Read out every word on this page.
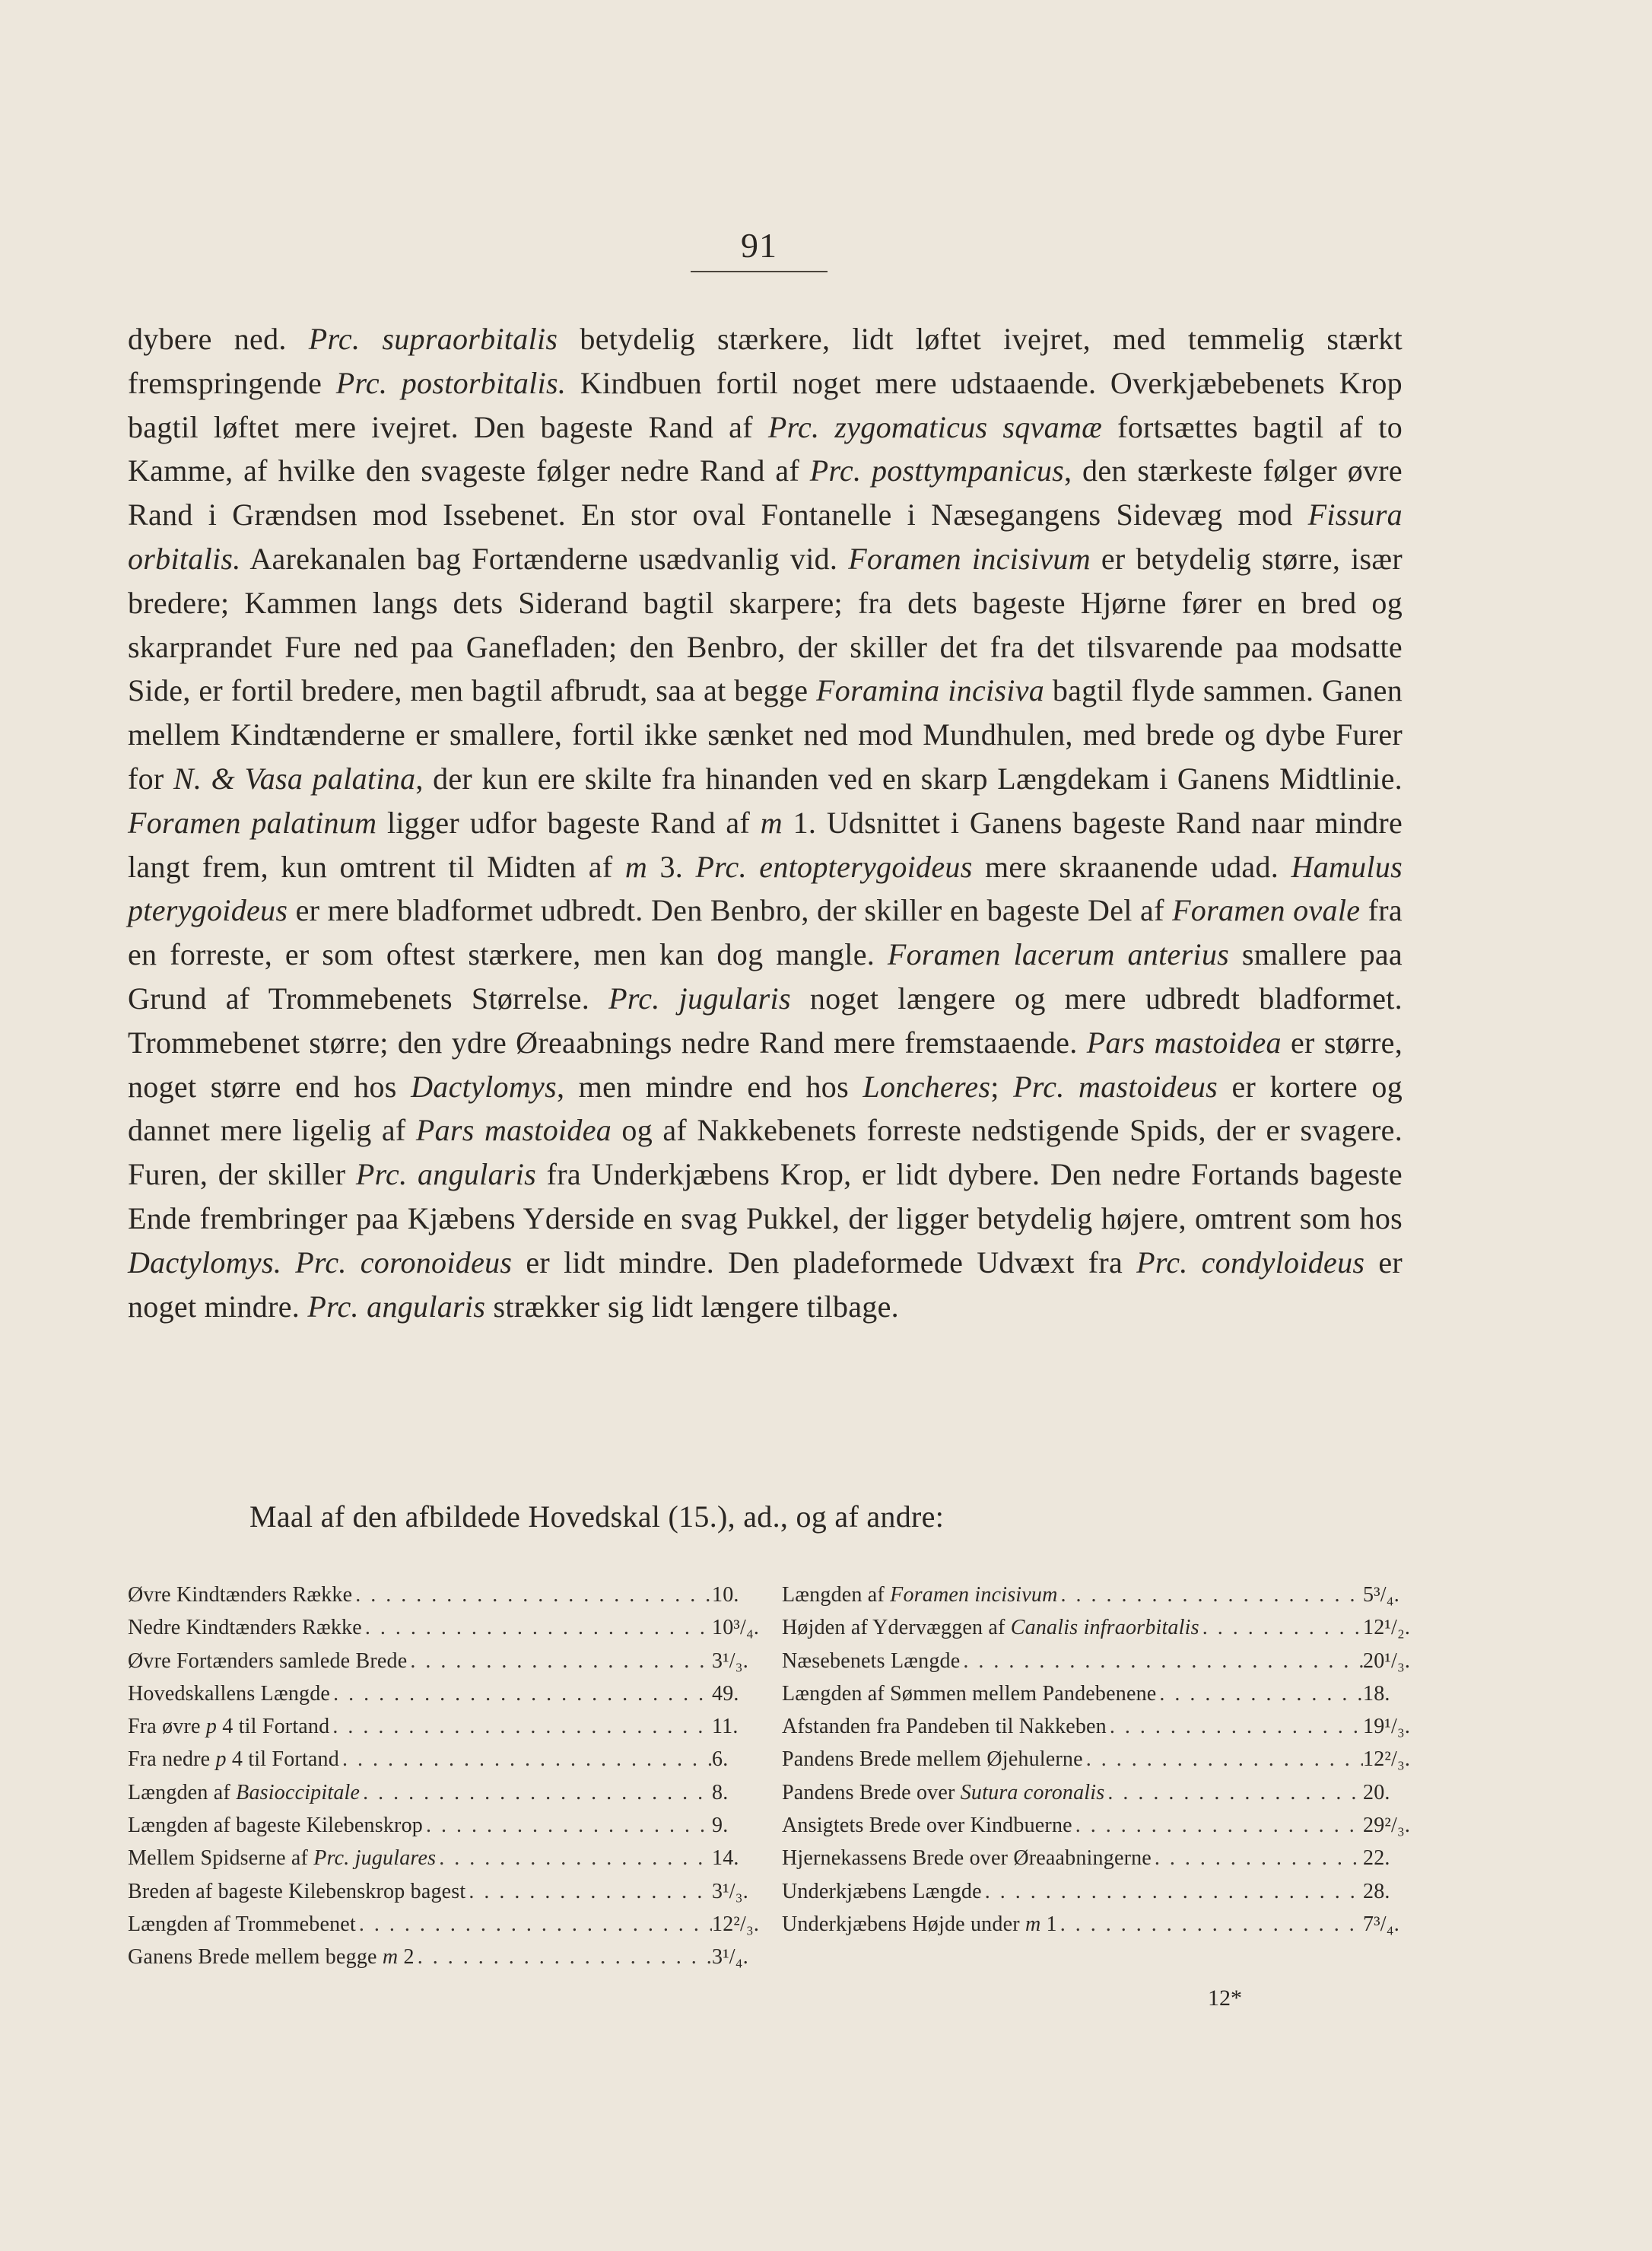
91

dybere ned. Prc. supraorbitalis betydelig stærkere, lidt løftet ivejret, med temmelig stærkt fremspringende Prc. postorbitalis. Kindbuen fortil noget mere udstaaende. Overkjæbebenets Krop bagtil løftet mere ivejret. Den bageste Rand af Prc. zygomaticus sqvamæ fortsættes bagtil af to Kamme, af hvilke den svageste følger nedre Rand af Prc. posttympanicus, den stærkeste følger øvre Rand i Grændsen mod Issebenet. En stor oval Fontanelle i Næsegangens Sidevæg mod Fissura orbitalis. Aarekanalen bag Fortænderne usædvanlig vid. Foramen incisivum er betydelig større, især bredere; Kammen langs dets Siderand bagtil skarpere; fra dets bageste Hjørne fører en bred og skarprandet Fure ned paa Ganefladen; den Benbro, der skiller det fra det tilsvarende paa modsatte Side, er fortil bredere, men bagtil afbrudt, saa at begge Foramina incisiva bagtil flyde sammen. Ganen mellem Kindtænderne er smallere, fortil ikke sænket ned mod Mundhulen, med brede og dybe Furer for N. & Vasa palatina, der kun ere skilte fra hinanden ved en skarp Længdekam i Ganens Midtlinie. Foramen palatinum ligger udfor bageste Rand af m 1. Udsnittet i Ganens bageste Rand naar mindre langt frem, kun omtrent til Midten af m 3. Prc. entopterygoideus mere skraanende udad. Hamulus pterygoideus er mere bladformet udbredt. Den Benbro, der skiller en bageste Del af Foramen ovale fra en forreste, er som oftest stærkere, men kan dog mangle. Foramen lacerum anterius smallere paa Grund af Trommebenets Størrelse. Prc. jugularis noget længere og mere udbredt bladformet. Trommebenet større; den ydre Øreaabnings nedre Rand mere fremstaaende. Pars mastoidea er større, noget større end hos Dactylomys, men mindre end hos Loncheres; Prc. mastoideus er kortere og dannet mere ligelig af Pars mastoidea og af Nakkebenets forreste nedstigende Spids, der er svagere. Furen, der skiller Prc. angularis fra Underkjæbens Krop, er lidt dybere. Den nedre Fortands bageste Ende frembringer paa Kjæbens Yderside en svag Pukkel, der ligger betydelig højere, omtrent som hos Dactylomys. Prc. coronoideus er lidt mindre. Den pladeformede Udvæxt fra Prc. condyloideus er noget mindre. Prc. angularis strækker sig lidt længere tilbage.

Maal af den afbildede Hovedskal (15.), ad., og af andre:
Øvre Kindtænders Række . . .	10.
Nedre Kindtænders Række . . .	10³/₄.
Øvre Fortænders samlede Brede . . .	3¹/₃.
Hovedskallens Længde . . .	49.
Fra øvre p 4 til Fortand . . .	11.
Fra nedre p 4 til Fortand . . .	6.
Længden af Basioccipitale . . .	8.
Længden af bageste Kilebenskrop . . .	9.
Mellem Spidserne af Prc. jugulares . . .	14.
Breden af bageste Kilebenskrop bagest . . .	3¹/₃.
Længden af Trommebenet . . .	12²/₃.
Ganens Brede mellem begge m 2 . . .	3¹/₄.
Længden af Foramen incisivum . . .	5³/₄.
Højden af Ydervæggen af Canalis infraorbitalis . . .	12¹/₂.
Næsebenets Længde . . .	20¹/₃.
Længden af Sømmen mellem Pandebenene . . .	18.
Afstanden fra Pandeben til Nakkeben . . .	19¹/₃.
Pandens Brede mellem Øjehulerne . . .	12²/₃.
Pandens Brede over Sutura coronalis . . .	20.
Ansigtets Brede over Kindbuerne . . .	29²/₃.
Hjernekassens Brede over Øreaabningerne . . .	22.
Underkjæbens Længde . . .	28.
Underkjæbens Højde under m 1 . . .	7³/₄.
12*
